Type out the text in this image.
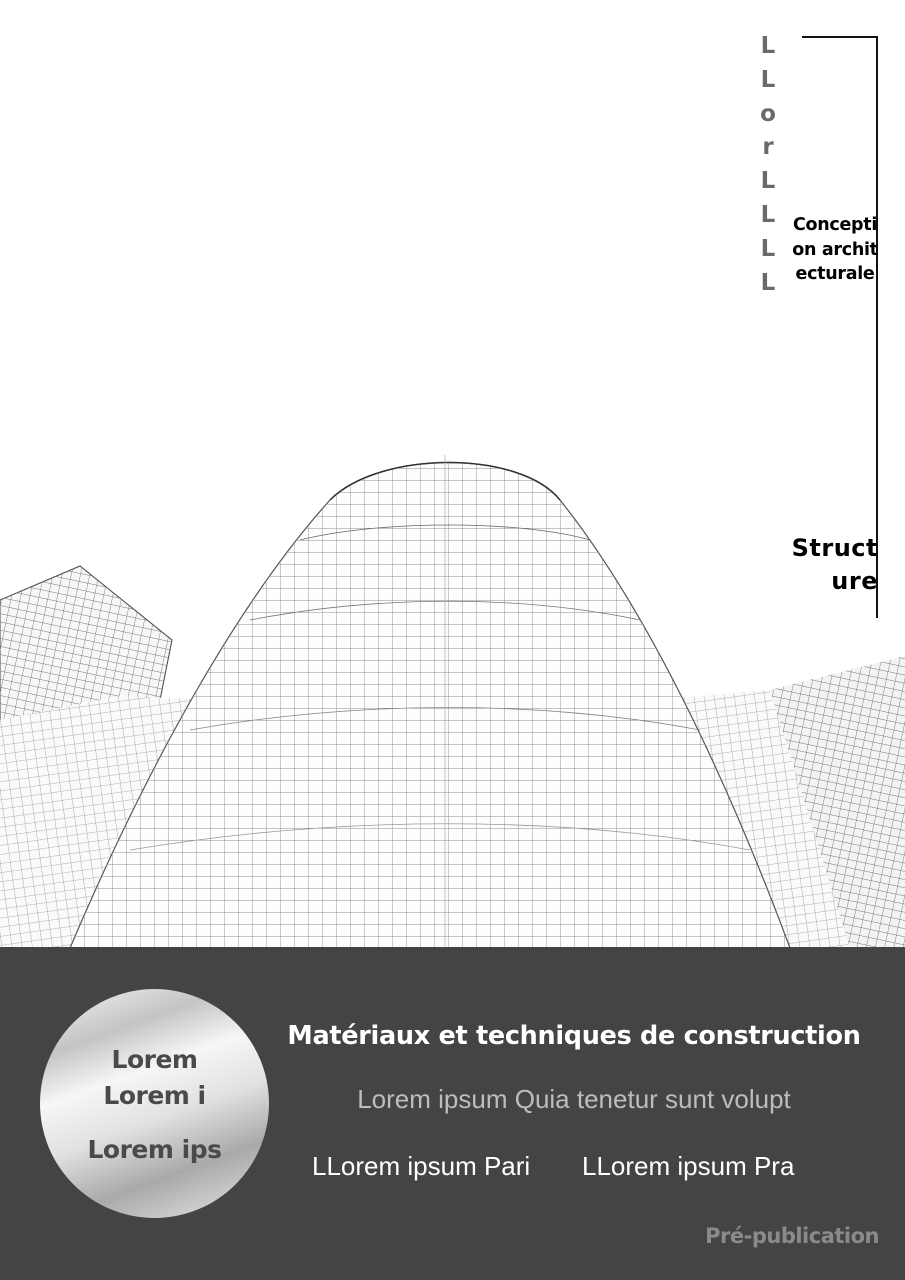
L
L
o
r
L
L
L
L
Conception architecturale
Structure
Lorem
Lorem i
Lorem ips
Matériaux et techniques de construction
Lorem ipsum Quia tenetur sunt volupt
LLorem ipsum Pari	LLorem ipsum Pra
Pré-publication
